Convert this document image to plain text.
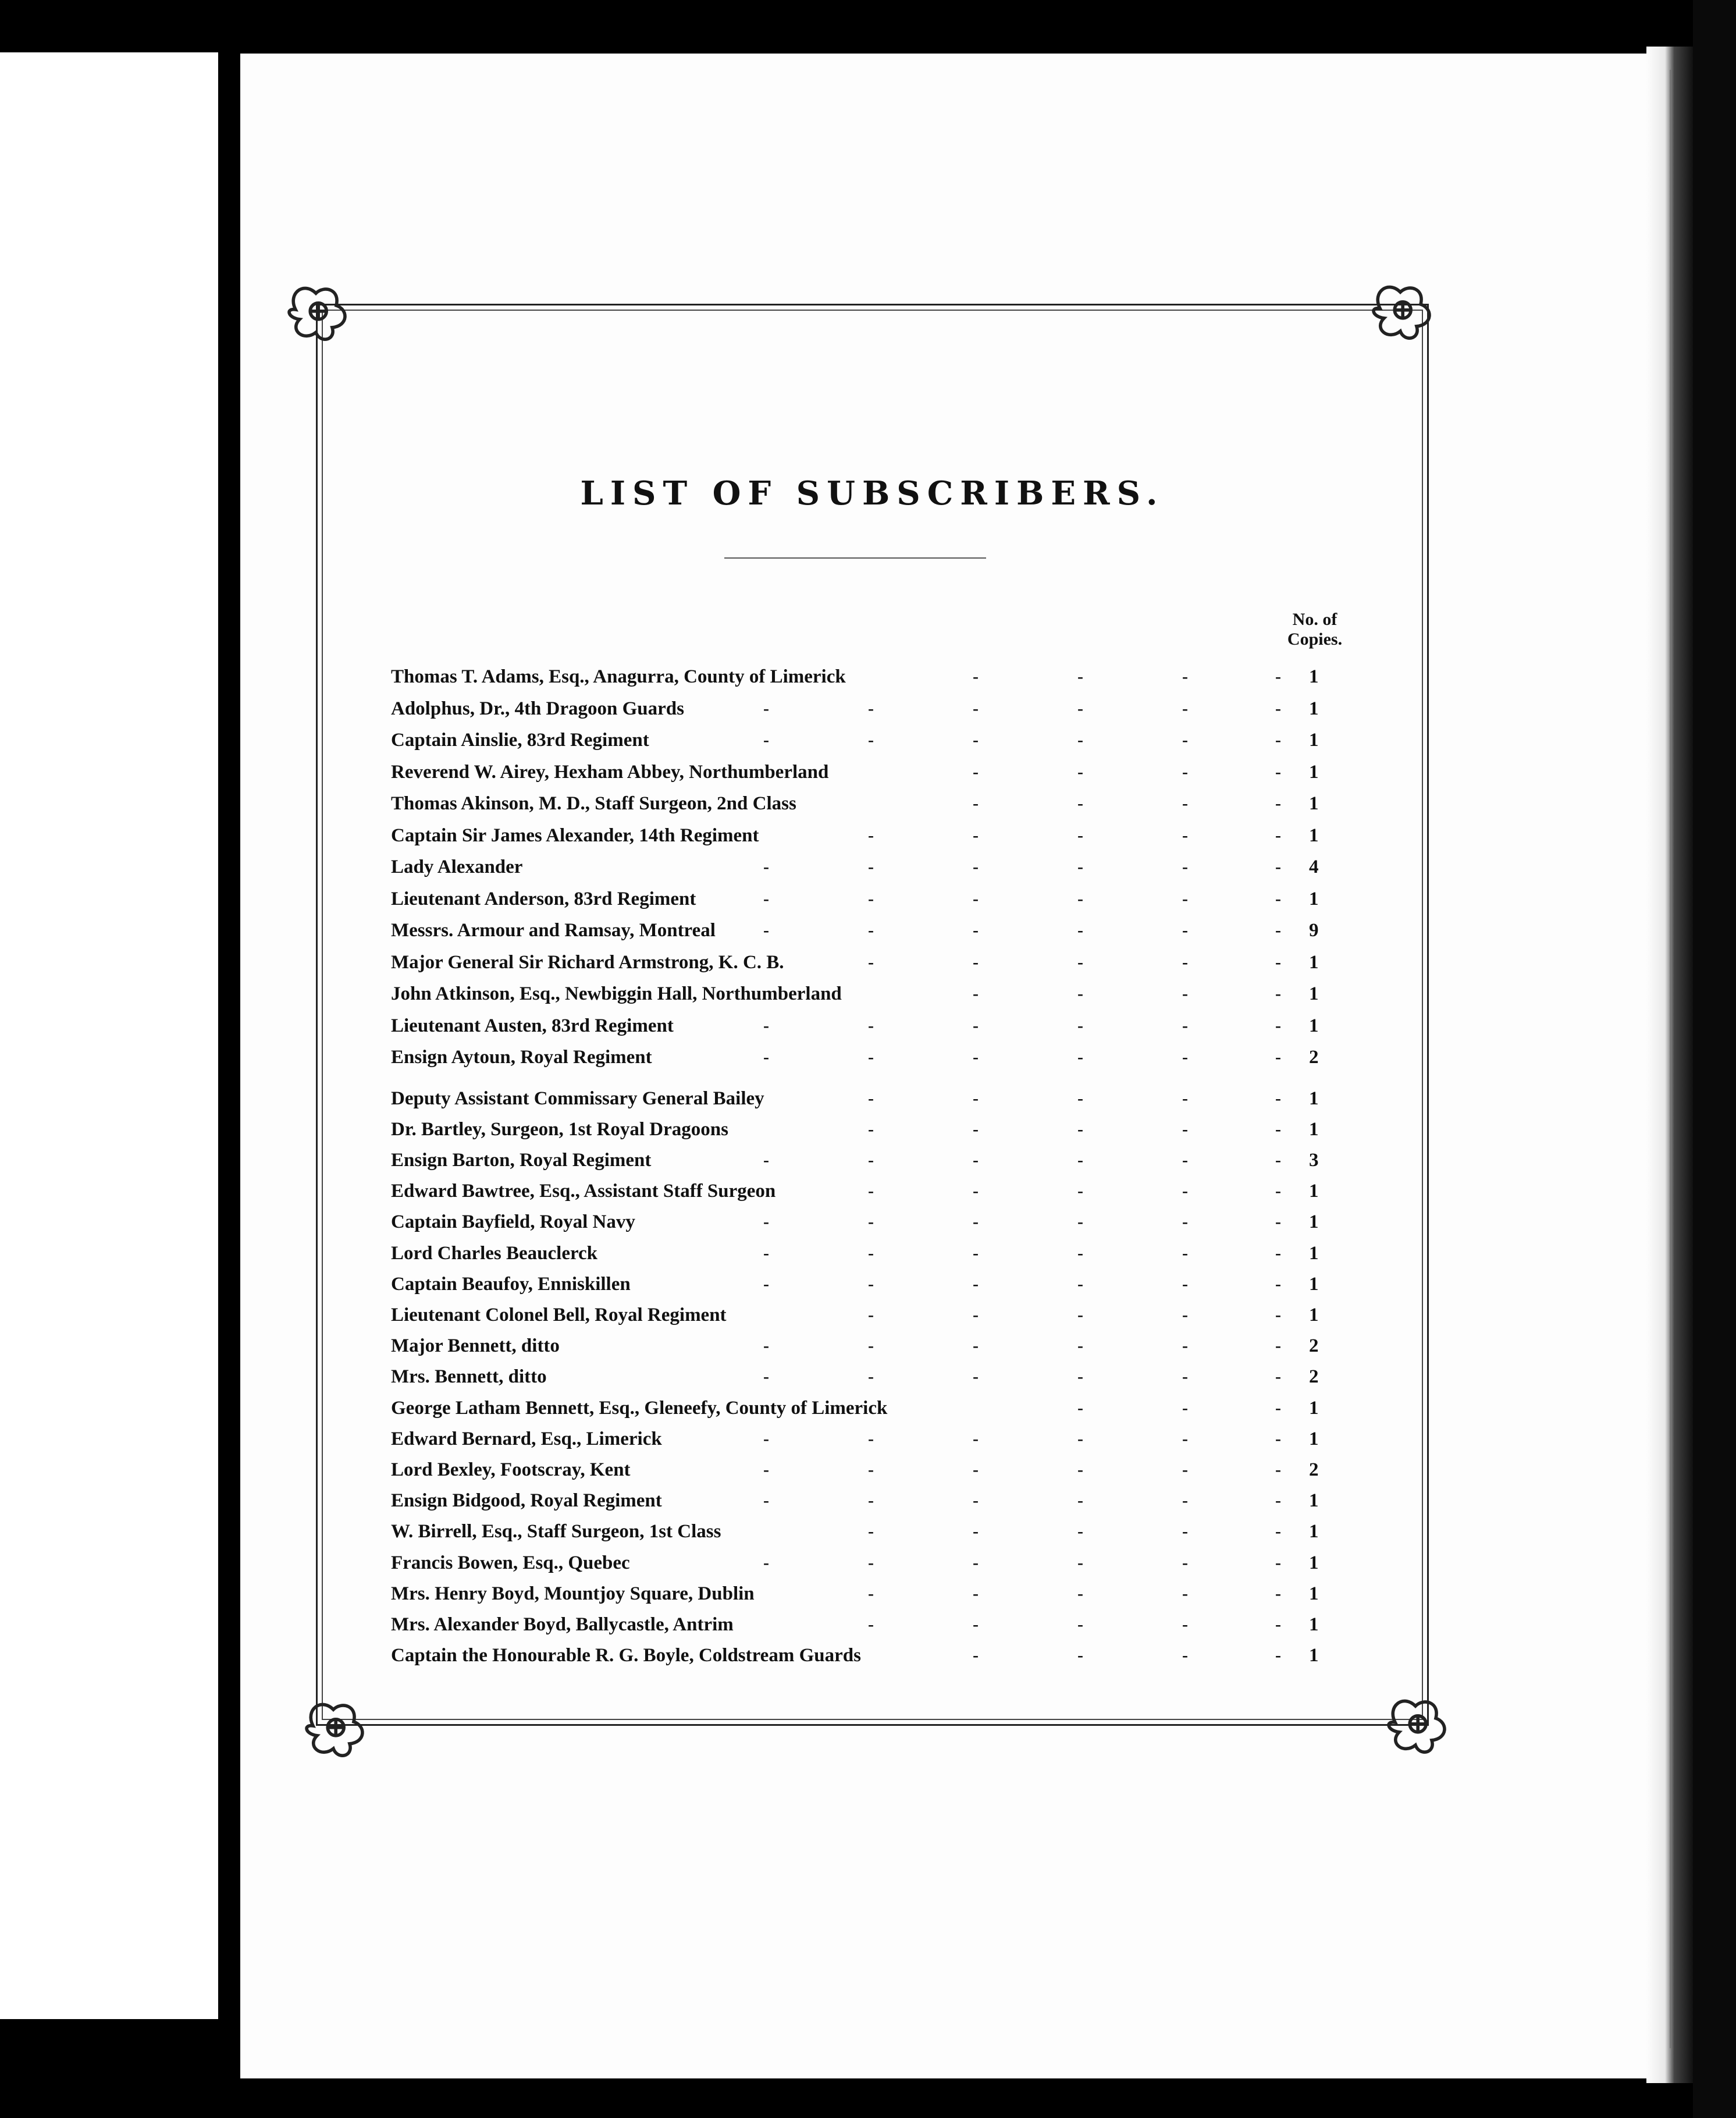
LIST OF SUBSCRIBERS.
No. of
Copies.
Thomas T. Adams, Esq., Anagurra, County of Limerick	-	-	-	- 1
Adolphus, Dr., 4th Dragoon Guards	-	-	-	-	-	- 1
Captain Ainslie, 83rd Regiment	-	-	-	-	-	- 1
Reverend W. Airey, Hexham Abbey, Northumberland	-	-	-	- 1
Thomas Akinson, M. D., Staff Surgeon, 2nd Class	-	-	-	- 1
Captain Sir James Alexander, 14th Regiment	-	-	-	-	- 1
Lady Alexander	-	-	-	-	-	- 4
Lieutenant Anderson, 83rd Regiment	-	-	-	-	-	- 1
Messrs. Armour and Ramsay, Montreal	-	-	-	-	-	- 9
Major General Sir Richard Armstrong, K. C. B.	-	-	-	-	- 1
John Atkinson, Esq., Newbiggin Hall, Northumberland	-	-	-	- 1
Lieutenant Austen, 83rd Regiment	-	-	-	-	-	- 1
Ensign Aytoun, Royal Regiment	-	-	-	-	-	- 2
Deputy Assistant Commissary General Bailey	-	-	-	-	- 1
Dr. Bartley, Surgeon, 1st Royal Dragoons	-	-	-	-	- 1
Ensign Barton, Royal Regiment	-	-	-	-	-	- 3
Edward Bawtree, Esq., Assistant Staff Surgeon	-	-	-	-	- 1
Captain Bayfield, Royal Navy	-	-	-	-	-	- 1
Lord Charles Beauclerck	-	-	-	-	-	- 1
Captain Beaufoy, Enniskillen	-	-	-	-	-	- 1
Lieutenant Colonel Bell, Royal Regiment	-	-	-	-	- 1
Major Bennett, ditto	-	-	-	-	-	- 2
Mrs. Bennett, ditto	-	-	-	-	-	- 2
George Latham Bennett, Esq., Gleneefy, County of Limerick	-	-	- 1
Edward Bernard, Esq., Limerick	-	-	-	-	-	- 1
Lord Bexley, Footscray, Kent	-	-	-	-	-	- 2
Ensign Bidgood, Royal Regiment	-	-	-	-	-	- 1
W. Birrell, Esq., Staff Surgeon, 1st Class	-	-	-	-	- 1
Francis Bowen, Esq., Quebec	-	-	-	-	-	- 1
Mrs. Henry Boyd, Mountjoy Square, Dublin	-	-	-	-	- 1
Mrs. Alexander Boyd, Ballycastle, Antrim	-	-	-	-	- 1
Captain the Honourable R. G. Boyle, Coldstream Guards	-	-	-	- 1
